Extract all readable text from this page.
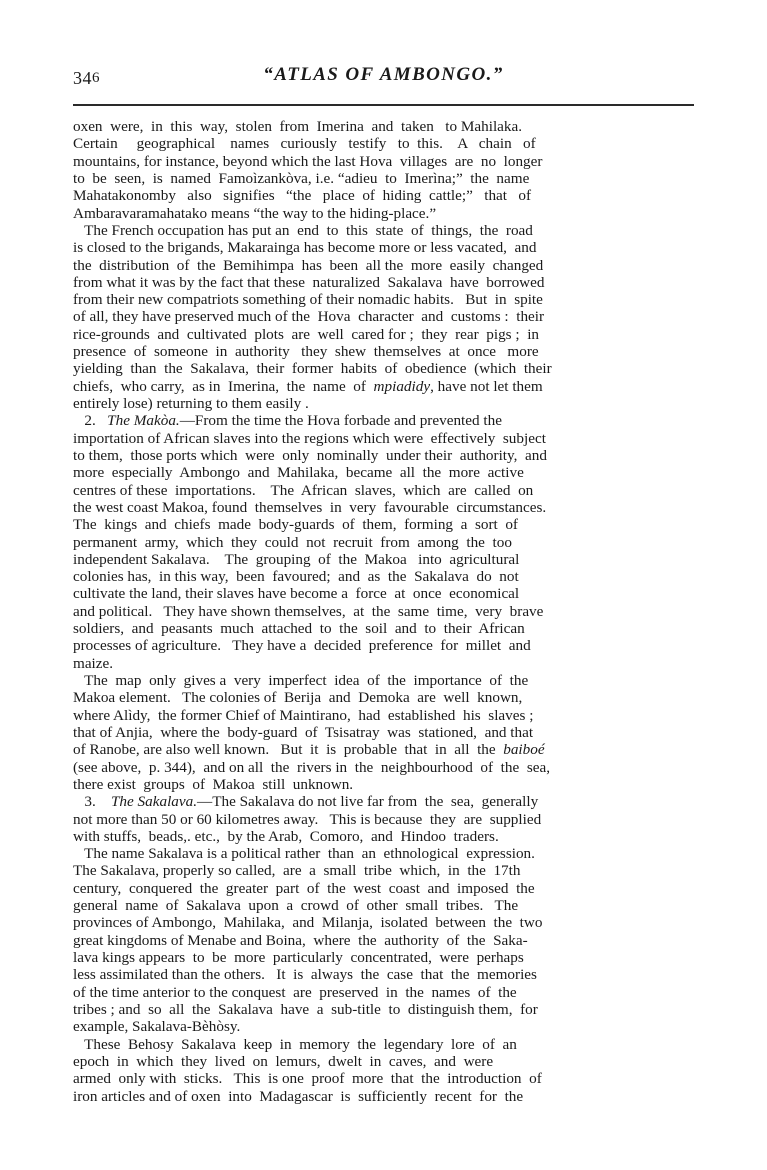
346	“ATLAS OF AMBONGO.”
oxen  were,  in  this  way,  stolen  from  Imerina  and  taken   to Mahilaka.
Certain     geographical    names   curiously   testify   to  this.    A   chain   of
mountains, for instance, beyond which the last Hova  villages  are  no  longer
to  be  seen,  is  named  Famoìzankòva, i.e. “adieu  to  Imerìna;”  the  name
Mahatakonomby   also   signifies   “the   place  of  hiding  cattle;”   that   of
Ambaravaramahatako means “the way to the hiding-place.”
The French occupation has put an  end  to  this  state  of  things,  the  road
is closed to the brigands, Makarainga has become more or less vacated,  and
the  distribution  of  the  Bemihimpa  has  been  all the  more  easily  changed
from what it was by the fact that these  naturalized  Sakalava  have  borrowed
from their new compatriots something of their nomadic habits.   But  in  spite
of all, they have preserved much of the  Hova  character  and  customs :  their
rice-grounds  and  cultivated  plots  are  well  cared for ;  they  rear  pigs ;  in
presence  of  someone  in  authority   they  shew  themselves  at  once   more
yielding  than  the  Sakalava,  their  former  habits  of  obedience  (which  their
chiefs,  who carry,  as in  Imerina,  the  name  of  mpiadidy, have not let them
entirely lose) returning to them easily .
2.   The Makòa.—From the time the Hova forbade and prevented the
importation of African slaves into the regions which were  effectively  subject
to them,  those ports which  were  only  nominally  under their  authority,  and
more  especially  Ambongo  and  Mahilaka,  became  all  the  more  active
centres of these  importations.    The  African  slaves,  which  are  called  on
the west coast Makoa, found  themselves  in  very  favourable  circumstances.
The  kings  and  chiefs  made  body-guards  of  them,  forming  a  sort  of
permanent  army,  which  they  could  not  recruit  from  among  the  too
independent Sakalava.    The  grouping  of  the  Makoa   into  agricultural
colonies has,  in this way,  been  favoured;  and  as  the  Sakalava  do  not
cultivate the land, their slaves have become a  force  at  once  economical
and political.   They have shown themselves,  at  the  same  time,  very  brave
soldiers,  and  peasants  much  attached  to  the  soil  and  to  their  African
processes of agriculture.   They have a  decided  preference  for  millet  and
maize.
The  map  only  gives a  very  imperfect  idea  of  the  importance  of  the
Makoa element.   The colonies of  Berija  and  Demoka  are  well  known,
where Alìdy,  the former Chief of Maintirano,  had  established  his  slaves ;
that of Anjia,  where the  body-guard  of  Tsisatray  was  stationed,  and that
of Ranobe, are also well known.   But  it  is  probable  that  in  all  the  baiboé
(see above,  p. 344),  and on all  the  rivers in  the  neighbourhood  of  the  sea,
there exist  groups  of  Makoa  still  unknown.
3.    The Sakalava.—The Sakalava do not live far from  the  sea,  generally
not more than 50 or 60 kilometres away.   This is because  they  are  supplied
with stuffs,  beads,. etc.,  by the Arab,  Comoro,  and  Hindoo  traders.
The name Sakalava is a political rather  than  an  ethnological  expression.
The Sakalava, properly so called,  are  a  small  tribe  which,  in  the  17th
century,  conquered  the  greater  part  of  the  west  coast  and  imposed  the
general  name  of  Sakalava  upon  a  crowd  of  other  small  tribes.   The
provinces of Ambongo,  Mahilaka,  and  Milanja,  isolated  between  the  two
great kingdoms of Menabe and Boina,  where  the  authority  of  the  Saka-
lava kings appears  to  be  more  particularly  concentrated,  were  perhaps
less assimilated than the others.   It  is  always  the  case  that  the  memories
of the time anterior to the conquest  are  preserved  in  the  names  of  the
tribes ; and  so  all  the  Sakalava  have  a  sub-title  to  distinguish them,  for
example, Sakalava-Bèhòsy.
These  Behosy  Sakalava  keep  in  memory  the  legendary  lore  of  an
epoch  in  which  they  lived  on  lemurs,  dwelt  in  caves,  and  were
armed  only with  sticks.   This  is one  proof  more  that  the  introduction  of
iron articles and of oxen  into  Madagascar  is  sufficiently  recent  for  the
